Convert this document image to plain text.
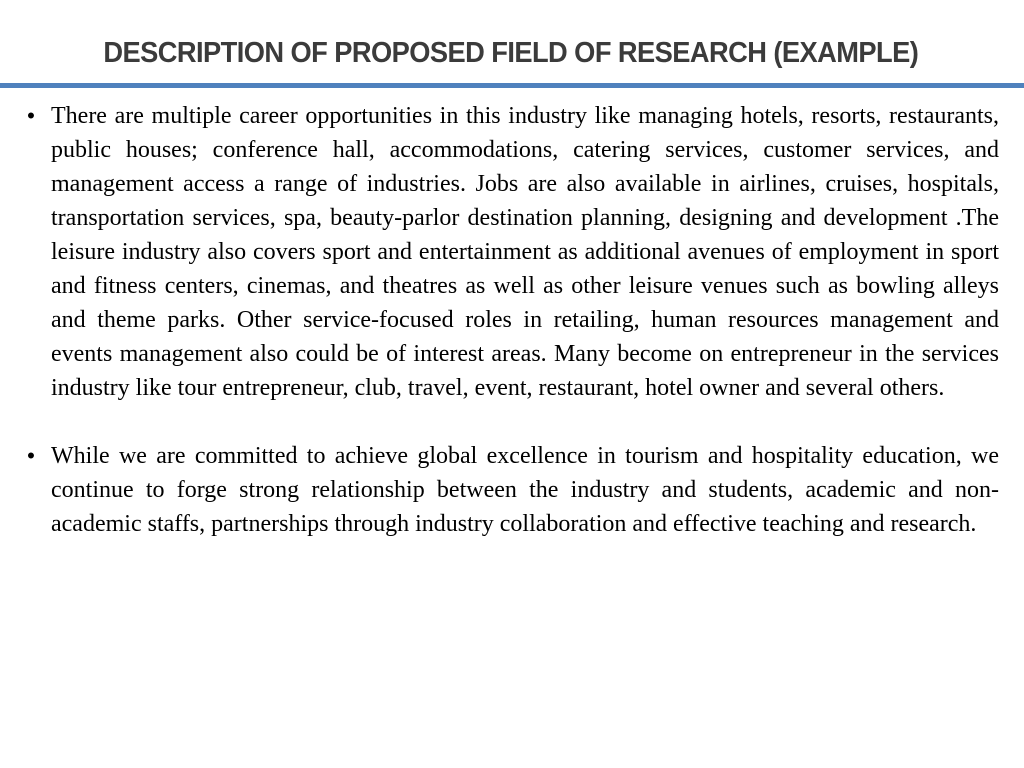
DESCRIPTION OF PROPOSED FIELD OF RESEARCH (EXAMPLE)
• There are multiple career opportunities in this industry like managing hotels, resorts, restaurants, public houses; conference hall, accommodations, catering services, customer services, and management access a range of industries. Jobs are also available in airlines, cruises, hospitals, transportation services, spa, beauty-parlor destination planning, designing and development .The leisure industry also covers sport and entertainment as additional avenues of employment in sport and fitness centers, cinemas, and theatres as well as other leisure venues such as bowling alleys and theme parks. Other service-focused roles in retailing, human resources management and events management also could be of interest areas. Many become on entrepreneur in the services industry like tour entrepreneur, club, travel, event, restaurant, hotel owner and several others.
• While we are committed to achieve global excellence in tourism and hospitality education, we continue to forge strong relationship between the industry and students, academic and non-academic staffs, partnerships through industry collaboration and effective teaching and research.
